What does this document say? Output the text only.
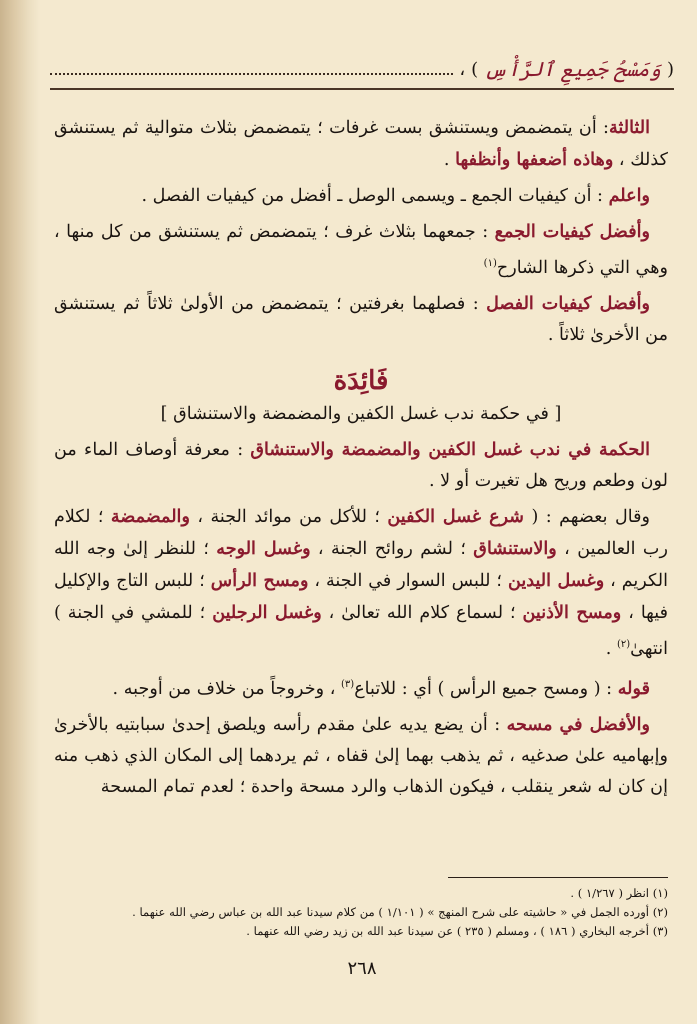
(
وَمَسْحُ جَمِيعِ ٱلرَّأْسِ
)
،

الثالثة: أن يتمضمض ويستنشق بست غرفات ؛ يتمضمض بثلاث متوالية ثم يستنشق كذلك ، وهاذه أضعفها وأنظفها .

واعلم : أن كيفيات الجمع ـ ويسمى الوصل ـ أفضل من كيفيات الفصل .

وأفضل كيفيات الجمع : جمعهما بثلاث غرف ؛ يتمضمض ثم يستنشق من كل منها ، وهي التي ذكرها الشارح$^{(١)}$

وأفضل كيفيات الفصل : فصلهما بغرفتين ؛ يتمضمض من الأولىٰ ثلاثاً ثم يستنشق من الأخرىٰ ثلاثاً .

فَائِدَة
[ في حكمة ندب غسل الكفين والمضمضة والاستنشاق ]

الحكمة في ندب غسل الكفين والمضمضة والاستنشاق : معرفة أوصاف الماء من لون وطعم وريح هل تغيرت أو لا .

وقال بعضهم : ( شرع غسل الكفين ؛ للأكل من موائد الجنة ، والمضمضة ؛ لكلام رب العالمين ، والاستنشاق ؛ لشم روائح الجنة ، وغسل الوجه ؛ للنظر إلىٰ وجه الله الكريم ، وغسل اليدين ؛ للبس السوار في الجنة ، ومسح الرأس ؛ للبس التاج والإكليل فيها ، ومسح الأذنين ؛ لسماع كلام الله تعالىٰ ، وغسل الرجلين ؛ للمشي في الجنة ) انتهىٰ$^{(٢)}$ .

قوله : ( ومسح جميع الرأس ) أي : للاتباع$^{(٣)}$ ، وخروجاً من خلاف من أوجبه .

والأفضل في مسحه : أن يضع يديه علىٰ مقدم رأسه ويلصق إحدىٰ سبابتيه بالأخرىٰ وإبهاميه علىٰ صدغيه ، ثم يذهب بهما إلىٰ قفاه ، ثم يردهما إلى المكان الذي ذهب منه إن كان له شعر ينقلب ، فيكون الذهاب والرد مسحة واحدة ؛ لعدم تمام المسحة

(١) انظر ( ١/٢٦٧ ) .

(٢) أورده الجمل في « حاشيته على شرح المنهج » ( ١/١٠١ ) من كلام سيدنا عبد الله بن عباس رضي الله عنهما .

(٣) أخرجه البخاري ( ١٨٦ ) ، ومسلم ( ٢٣٥ ) عن سيدنا عبد الله بن زيد رضي الله عنهما .

٢٦٨
